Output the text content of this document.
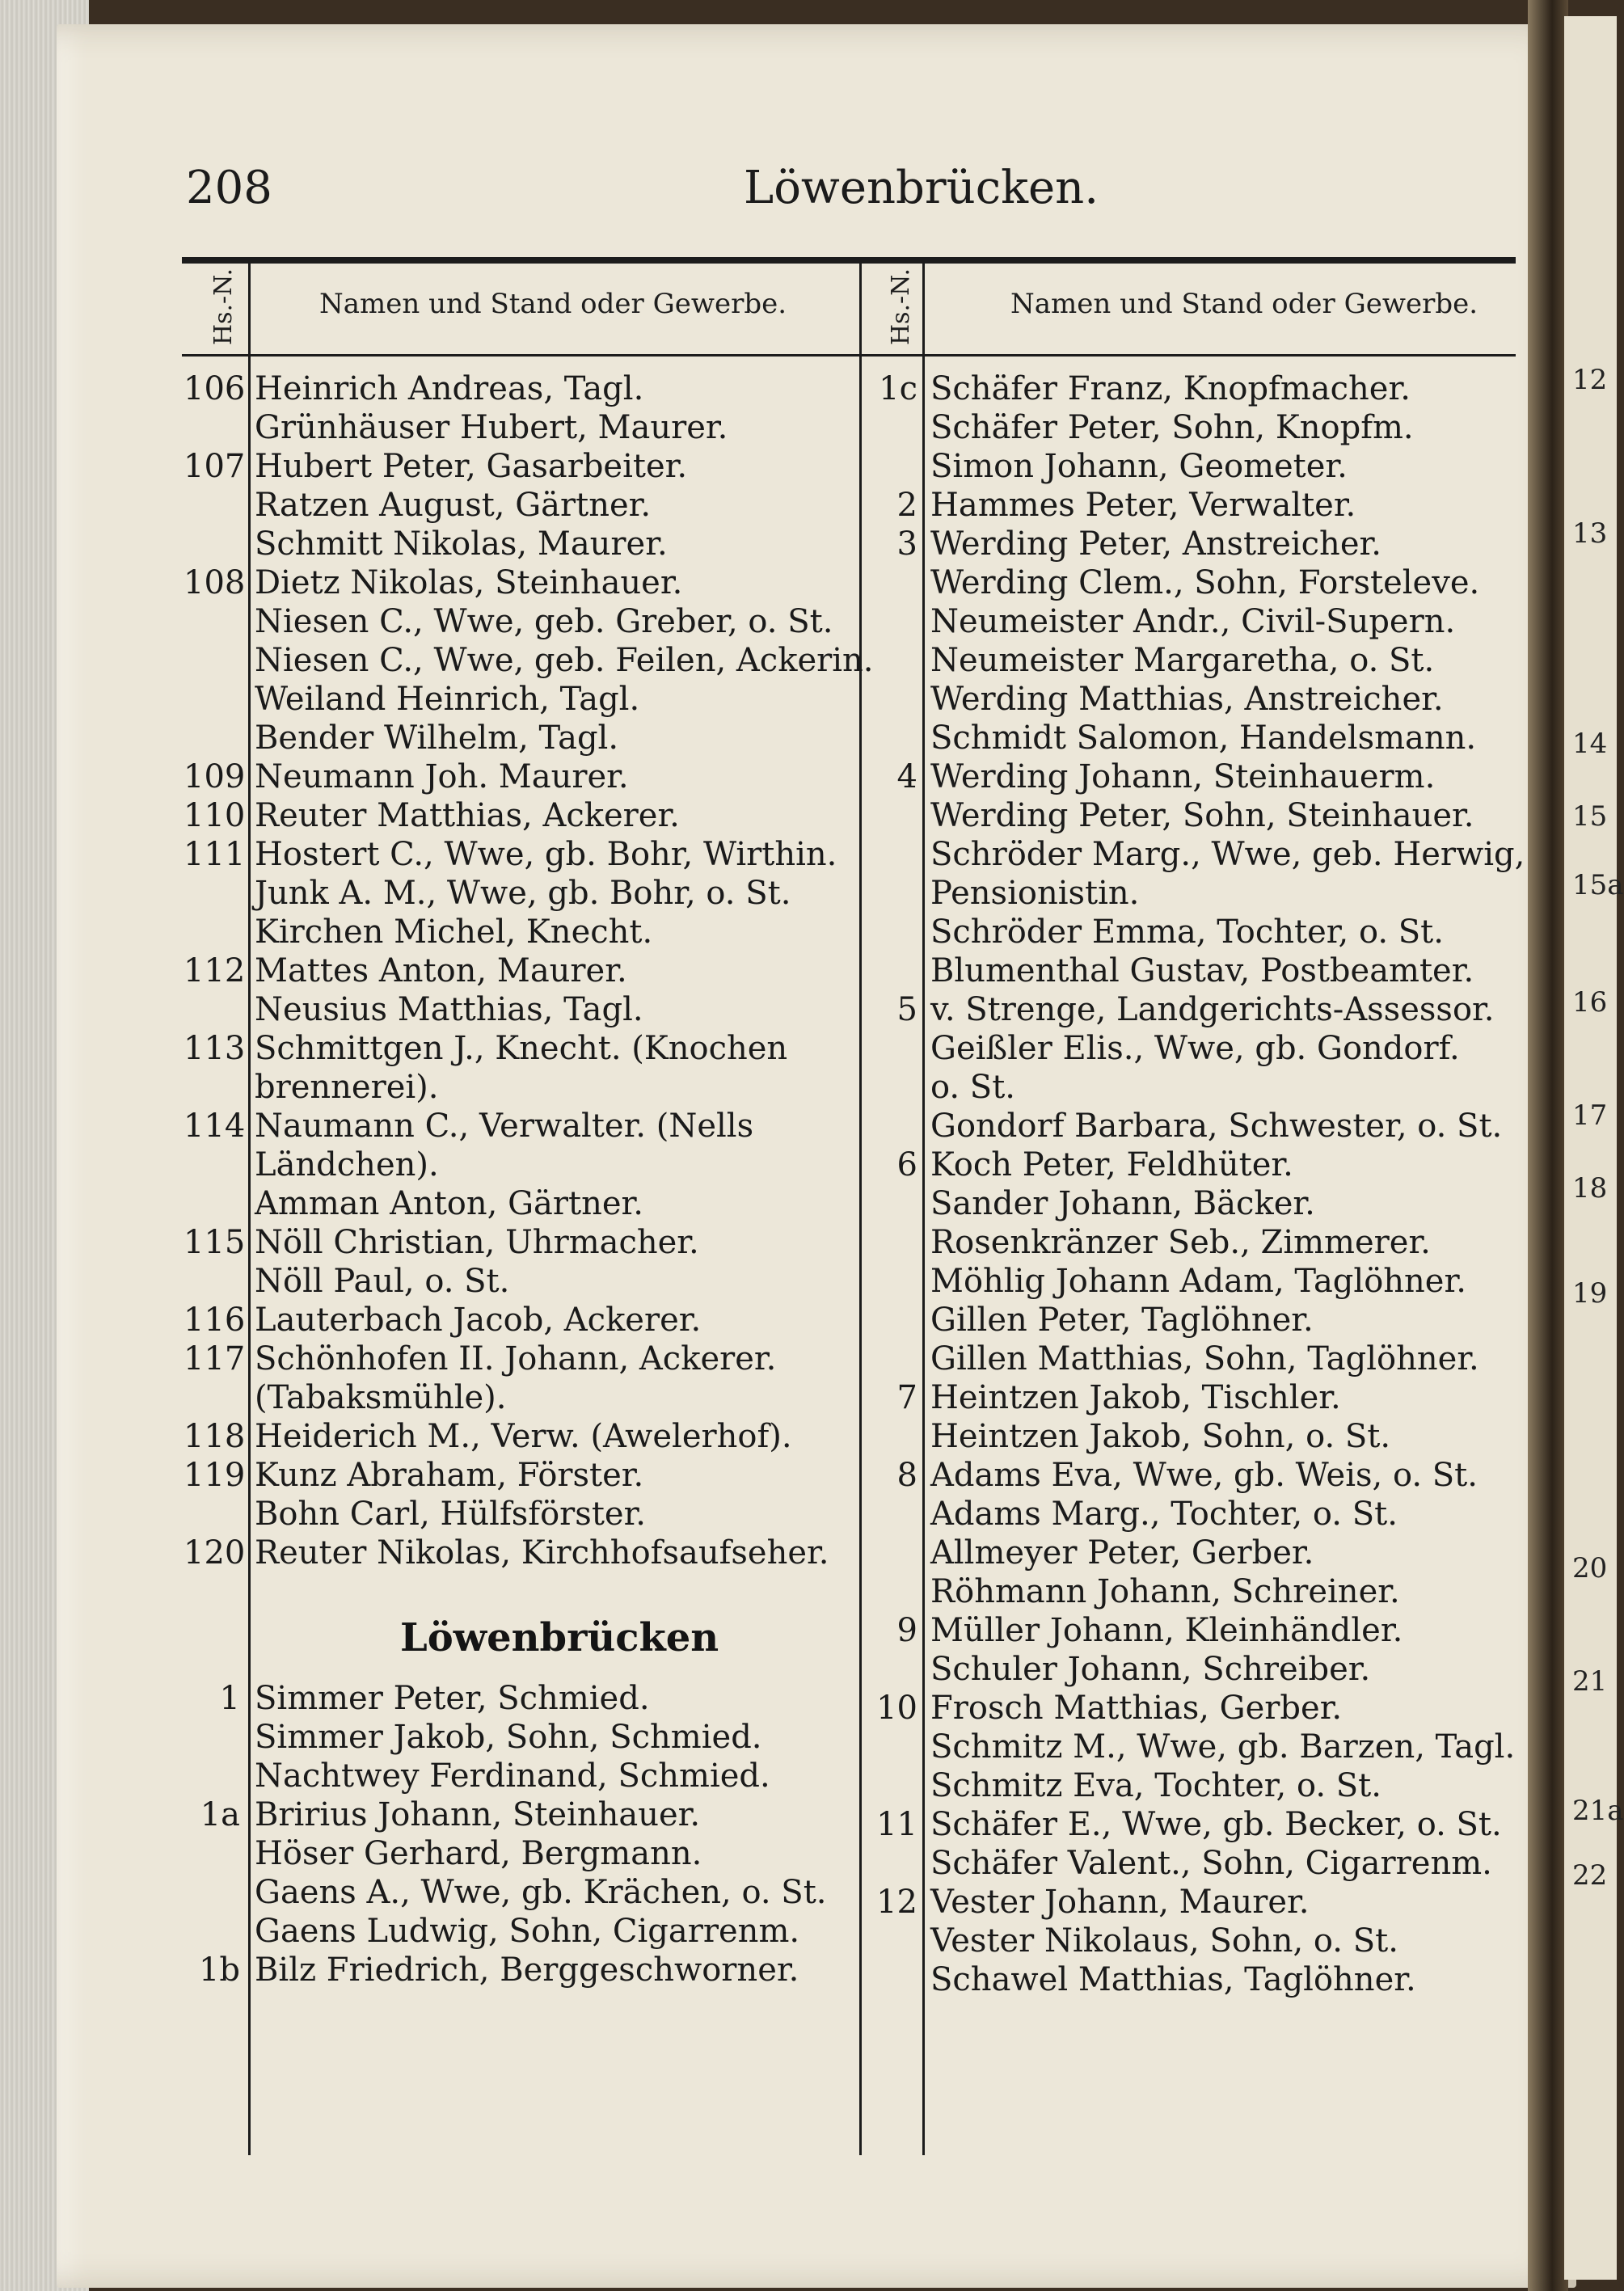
12
13
14
15
15a
16
17
18
19
20
21
21a
22
208	Löwenbrücken.
Hs.-N.	Namen und Stand oder Gewerbe.	Hs.-N.	Namen und Stand oder Gewerbe.
106 Heinrich Andreas, Tagl.
Grünhäuser Hubert, Maurer.
107 Hubert Peter, Gasarbeiter.
Ratzen August, Gärtner.
Schmitt Nikolas, Maurer.
108 Dietz Nikolas, Steinhauer.
Niesen C., Wwe, geb. Greber, o. St.
Niesen C., Wwe, geb. Feilen, Ackerin.
Weiland Heinrich, Tagl.
Bender Wilhelm, Tagl.
109 Neumann Joh. Maurer.
110 Reuter Matthias, Ackerer.
111 Hostert C., Wwe, gb. Bohr, Wirthin.
Junk A. M., Wwe, gb. Bohr, o. St.
Kirchen Michel, Knecht.
112 Mattes Anton, Maurer.
Neusius Matthias, Tagl.
113 Schmittgen J., Knecht. (Knochen
brennerei).
114 Naumann C., Verwalter. (Nells
Ländchen).
Amman Anton, Gärtner.
115 Nöll Christian, Uhrmacher.
Nöll Paul, o. St.
116 Lauterbach Jacob, Ackerer.
117 Schönhofen II. Johann, Ackerer.
(Tabaksmühle).
118 Heiderich M., Verw. (Awelerhof).
119 Kunz Abraham, Förster.
Bohn Carl, Hülfsförster.
120 Reuter Nikolas, Kirchhofsaufseher.
Löwenbrücken
1 Simmer Peter, Schmied.
Simmer Jakob, Sohn, Schmied.
Nachtwey Ferdinand, Schmied.
1a Bririus Johann, Steinhauer.
Höser Gerhard, Bergmann.
Gaens A., Wwe, gb. Krächen, o. St.
Gaens Ludwig, Sohn, Cigarrenm.
1b Bilz Friedrich, Berggeschworner.
1c Schäfer Franz, Knopfmacher.
Schäfer Peter, Sohn, Knopfm.
Simon Johann, Geometer.
2 Hammes Peter, Verwalter.
3 Werding Peter, Anstreicher.
Werding Clem., Sohn, Forsteleve.
Neumeister Andr., Civil-Supern.
Neumeister Margaretha, o. St.
Werding Matthias, Anstreicher.
Schmidt Salomon, Handelsmann.
4 Werding Johann, Steinhauerm.
Werding Peter, Sohn, Steinhauer.
Schröder Marg., Wwe, geb. Herwig,
Pensionistin.
Schröder Emma, Tochter, o. St.
Blumenthal Gustav, Postbeamter.
5 v. Strenge, Landgerichts-Assessor.
Geißler Elis., Wwe, gb. Gondorf.
o. St.
Gondorf Barbara, Schwester, o. St.
6 Koch Peter, Feldhüter.
Sander Johann, Bäcker.
Rosenkränzer Seb., Zimmerer.
Möhlig Johann Adam, Taglöhner.
Gillen Peter, Taglöhner.
Gillen Matthias, Sohn, Taglöhner.
7 Heintzen Jakob, Tischler.
Heintzen Jakob, Sohn, o. St.
8 Adams Eva, Wwe, gb. Weis, o. St.
Adams Marg., Tochter, o. St.
Allmeyer Peter, Gerber.
Röhmann Johann, Schreiner.
9 Müller Johann, Kleinhändler.
Schuler Johann, Schreiber.
10 Frosch Matthias, Gerber.
Schmitz M., Wwe, gb. Barzen, Tagl.
Schmitz Eva, Tochter, o. St.
11 Schäfer E., Wwe, gb. Becker, o. St.
Schäfer Valent., Sohn, Cigarrenm.
12 Vester Johann, Maurer.
Vester Nikolaus, Sohn, o. St.
Schawel Matthias, Taglöhner.
